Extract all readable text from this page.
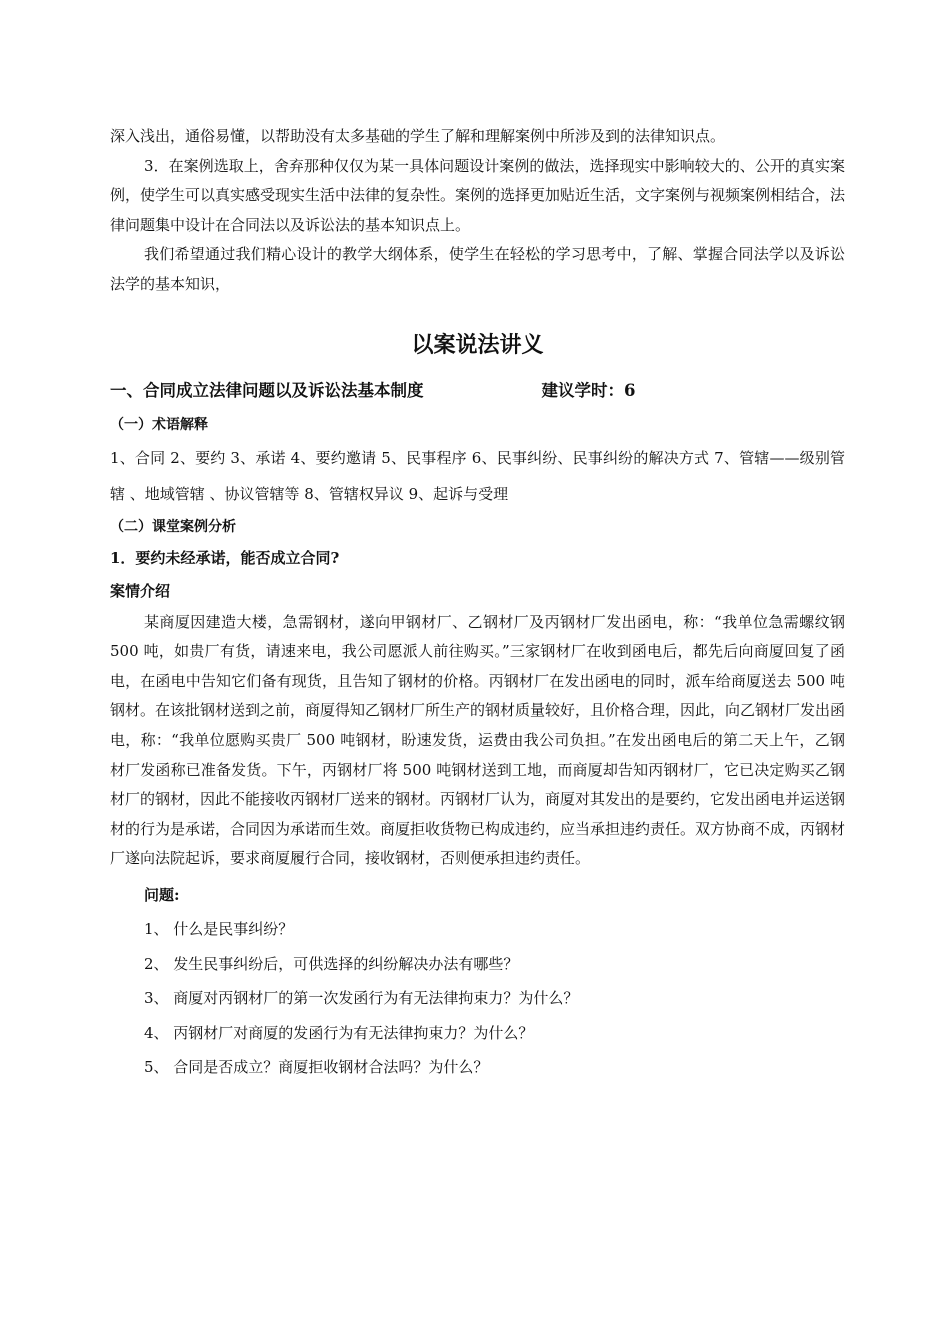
深入浅出，通俗易懂，以帮助没有太多基础的学生了解和理解案例中所涉及到的法律知识点。

3．在案例选取上，舍弃那种仅仅为某一具体问题设计案例的做法，选择现实中影响较大的、公开的真实案例，使学生可以真实感受现实生活中法律的复杂性。案例的选择更加贴近生活，文字案例与视频案例相结合，法律问题集中设计在合同法以及诉讼法的基本知识点上。

我们希望通过我们精心设计的教学大纲体系，使学生在轻松的学习思考中，了解、掌握合同法学以及诉讼法学的基本知识，

以案说法讲义
一、合同成立法律问题以及诉讼法基本制度	建议学时：6
（一）术语解释

1、合同 2、要约 3、承诺 4、要约邀请 5、民事程序 6、民事纠纷、民事纠纷的解决方式 7、管辖——级别管辖 、地域管辖 、协议管辖等 8、管辖权异议 9、起诉与受理

（二）课堂案例分析
1．要约未经承诺，能否成立合同?
案情介绍

某商厦因建造大楼，急需钢材，遂向甲钢材厂、乙钢材厂及丙钢材厂发出函电，称：“我单位急需螺纹钢 500 吨，如贵厂有货，请速来电，我公司愿派人前往购买。”三家钢材厂在收到函电后，都先后向商厦回复了函电，在函电中告知它们备有现货，且告知了钢材的价格。丙钢材厂在发出函电的同时，派车给商厦送去 500 吨钢材。在该批钢材送到之前，商厦得知乙钢材厂所生产的钢材质量较好，且价格合理，因此，向乙钢材厂发出函电，称：“我单位愿购买贵厂 500 吨钢材，盼速发货，运费由我公司负担。”在发出函电后的第二天上午，乙钢材厂发函称已准备发货。下午，丙钢材厂将 500 吨钢材送到工地，而商厦却告知丙钢材厂，它已决定购买乙钢材厂的钢材，因此不能接收丙钢材厂送来的钢材。丙钢材厂认为，商厦对其发出的是要约，它发出函电并运送钢材的行为是承诺，合同因为承诺而生效。商厦拒收货物已构成违约，应当承担违约责任。双方协商不成，丙钢材厂遂向法院起诉，要求商厦履行合同，接收钢材，否则便承担违约责任。

问题:

1、 什么是民事纠纷？

2、 发生民事纠纷后，可供选择的纠纷解决办法有哪些？

3、 商厦对丙钢材厂的第一次发函行为有无法律拘束力？为什么？

4、 丙钢材厂对商厦的发函行为有无法律拘束力？为什么？

5、 合同是否成立？商厦拒收钢材合法吗？为什么？
